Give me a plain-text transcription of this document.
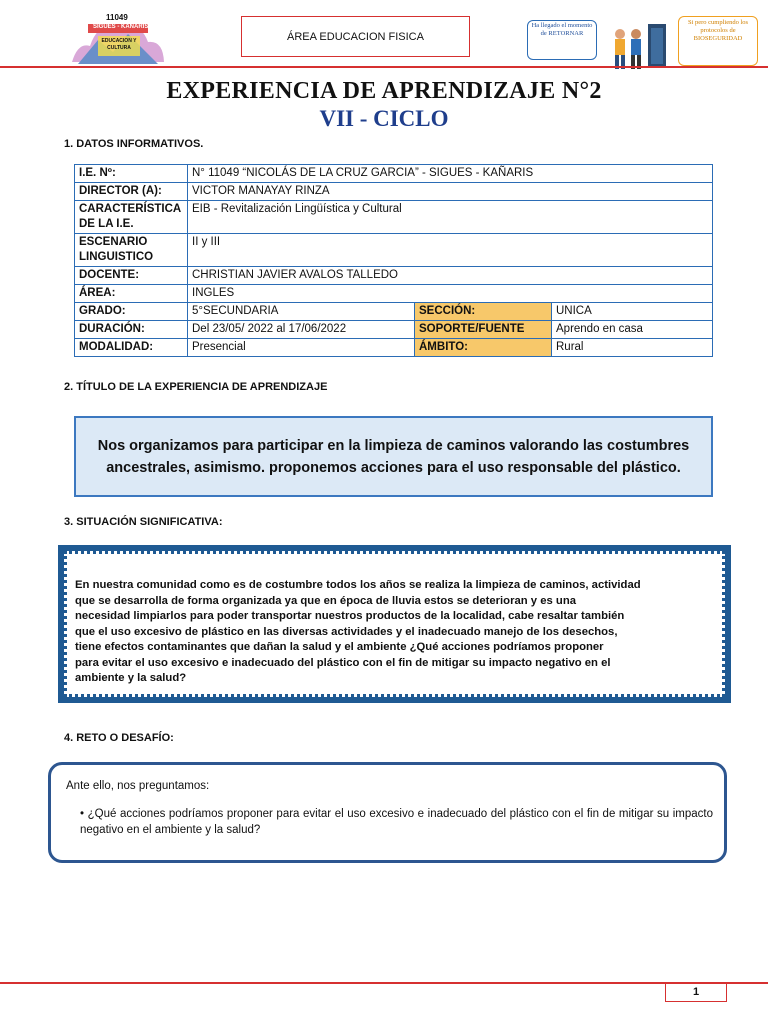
11049
SIGUES - KAÑARIS
EDUCACION Y CULTURA
ÁREA EDUCACION FISICA
Ha llegado el momento de RETORNAR
Si pero cumpliendo los protocolos de BIOSEGURIDAD
EXPERIENCIA DE APRENDIZAJE N°2
VII - CICLO
1. DATOS INFORMATIVOS.
I.E. Nº:	N° 11049 “NICOLÁS DE LA CRUZ GARCIA” - SIGUES - KAÑARIS		
DIRECTOR (A):	VICTOR MANAYAY RINZA		
CARACTERÍSTICA DE LA I.E.	EIB - Revitalización Lingüística y Cultural		
ESCENARIO LINGUISTICO	II y III		
DOCENTE:	CHRISTIAN JAVIER AVALOS TALLEDO		
ÁREA:	INGLES		
GRADO:	5°SECUNDARIA	SECCIÓN:	UNICA
DURACIÓN:	Del 23/05/ 2022 al 17/06/2022	SOPORTE/FUENTE	Aprendo en casa
MODALIDAD:	Presencial	ÁMBITO:	Rural
2. TÍTULO DE LA EXPERIENCIA DE APRENDIZAJE
Nos organizamos para participar en la limpieza de caminos valorando las costumbres ancestrales, asimismo. proponemos acciones para el uso responsable del plástico.
3. SITUACIÓN SIGNIFICATIVA:
En nuestra comunidad como es de costumbre todos los años se realiza la limpieza de caminos, actividad
que se desarrolla de forma organizada ya que en época de lluvia estos se deterioran y es una
necesidad limpiarlos para poder transportar nuestros productos de la localidad, cabe resaltar también
que el uso excesivo de plástico en las diversas actividades y el inadecuado manejo de los desechos,
tiene efectos contaminantes que dañan la salud y el ambiente ¿Qué acciones podríamos proponer
para evitar el uso excesivo e inadecuado del plástico con el fin de mitigar su impacto negativo en el
ambiente y la salud?
4. RETO O DESAFÍO:
Ante ello, nos preguntamos:
• ¿Qué acciones podríamos proponer para evitar el uso excesivo e inadecuado del plástico con el fin de mitigar su impacto negativo en el ambiente y la salud?
1
